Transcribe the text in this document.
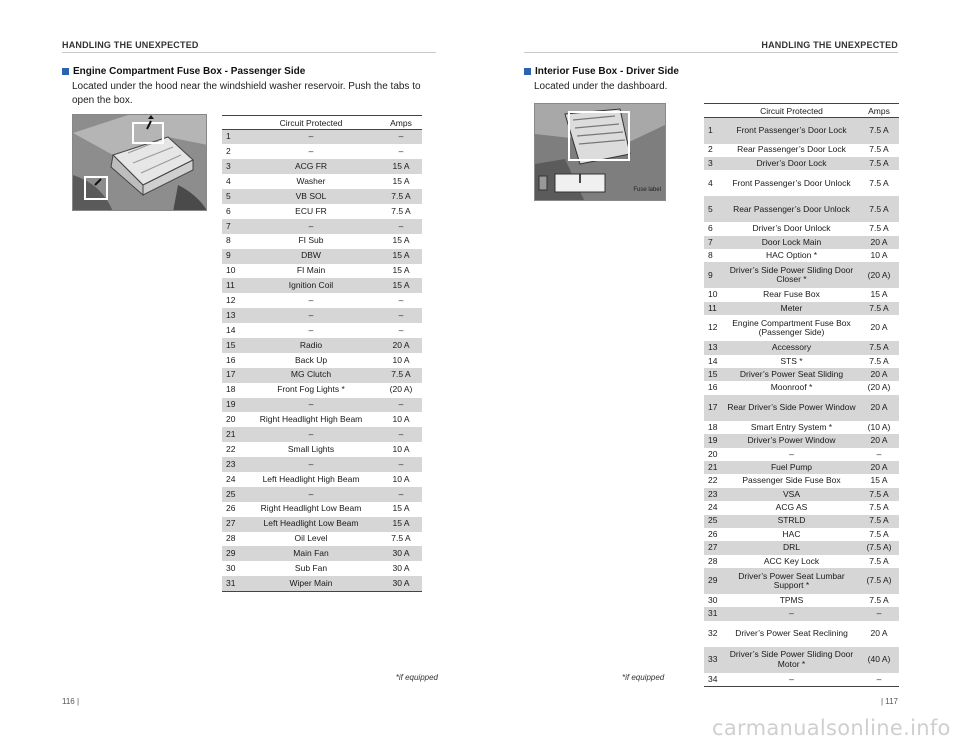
HANDLING THE UNEXPECTED
Engine Compartment Fuse Box - Passenger Side
Located under the hood near the windshield washer reservoir. Push the tabs to open the box.
	Circuit Protected	Amps
1	–	–
2	–	–
3	ACG FR	15 A
4	Washer	15 A
5	VB SOL	7.5 A
6	ECU FR	7.5 A
7	–	–
8	FI Sub	15 A
9	DBW	15 A
10	FI Main	15 A
11	Ignition Coil	15 A
12	–	–
13	–	–
14	–	–
15	Radio	20 A
16	Back Up	10 A
17	MG Clutch	7.5 A
18	Front Fog Lights *	(20 A)
19	–	–
20	Right Headlight High Beam	10 A
21	–	–
22	Small Lights	10 A
23	–	–
24	Left Headlight High Beam	10 A
25	–	–
26	Right Headlight Low Beam	15 A
27	Left Headlight Low Beam	15 A
28	Oil Level	7.5 A
29	Main Fan	30 A
30	Sub Fan	30 A
31	Wiper Main	30 A
*if equipped
116 |
HANDLING THE UNEXPECTED
Interior Fuse Box - Driver Side
Located under the dashboard.
Fuse label
	Circuit Protected	Amps
1	Front Passenger’s Door Lock	7.5 A
2	Rear Passenger’s Door Lock	7.5 A
3	Driver’s Door Lock	7.5 A
4	Front Passenger’s Door Unlock	7.5 A
5	Rear Passenger’s Door Unlock	7.5 A
6	Driver’s Door Unlock	7.5 A
7	Door Lock Main	20 A
8	HAC Option *	10 A
9	Driver’s Side Power Sliding Door Closer *	(20 A)
10	Rear Fuse Box	15 A
11	Meter	7.5 A
12	Engine Compartment Fuse Box (Passenger Side)	20 A
13	Accessory	7.5 A
14	STS *	7.5 A
15	Driver’s Power Seat Sliding	20 A
16	Moonroof *	(20 A)
17	Rear Driver’s Side Power Window	20 A
18	Smart Entry System *	(10 A)
19	Driver’s Power Window	20 A
20	–	–
21	Fuel Pump	20 A
22	Passenger Side Fuse Box	15 A
23	VSA	7.5 A
24	ACG AS	7.5 A
25	STRLD	7.5 A
26	HAC	7.5 A
27	DRL	(7.5 A)
28	ACC Key Lock	7.5 A
29	Driver’s Power Seat Lumbar Support *	(7.5 A)
30	TPMS	7.5 A
31	–	–
32	Driver’s Power Seat Reclining	20 A
33	Driver’s Side Power Sliding Door Motor *	(40 A)
34	–	–
*if equipped
| 117
carmanualsonline.info
